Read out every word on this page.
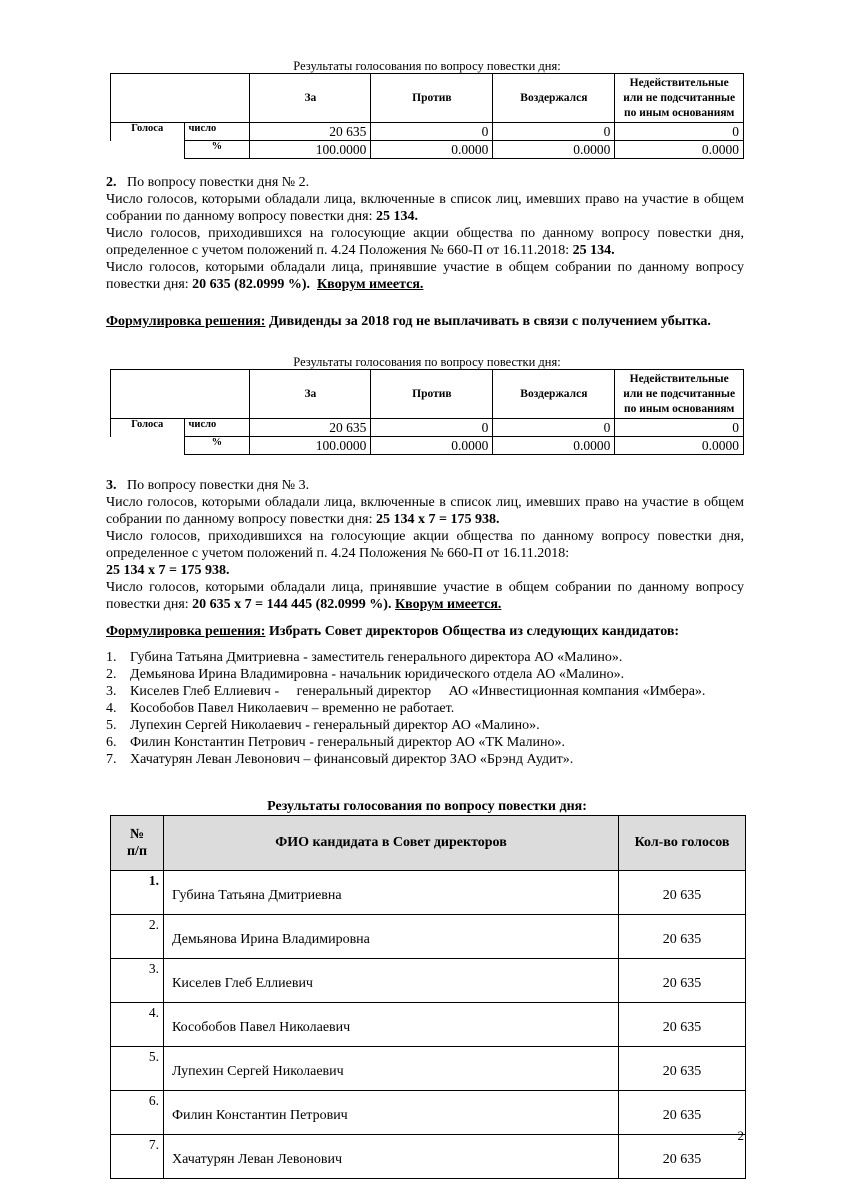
Результаты голосования по вопросу повестки дня:
		За	Против	Воздержался	Недействительные
или не подсчитанные
по иным основаниям

Голоса	число	20 635	0	0	0
	%	100.0000	0.0000	0.0000	0.0000
2. По вопросу повестки дня № 2.
Число голосов, которыми обладали лица, включенные в список лиц, имевших право на участие в общем собрании по данному вопросу повестки дня: 25 134.
Число голосов, приходившихся на голосующие акции общества по данному вопросу повестки дня, определенное с учетом положений п. 4.24 Положения № 660-П от 16.11.2018: 25 134.
Число голосов, которыми обладали лица, принявшие участие в общем собрании по данному вопросу повестки дня: 20 635 (82.0999 %). Кворум имеется.
Формулировка решения: Дивиденды за 2018 год не выплачивать в связи с получением убытка.
Результаты голосования по вопросу повестки дня:
		За	Против	Воздержался	Недействительные
или не подсчитанные
по иным основаниям

Голоса	число	20 635	0	0	0
	%	100.0000	0.0000	0.0000	0.0000
3. По вопросу повестки дня № 3.
Число голосов, которыми обладали лица, включенные в список лиц, имевших право на участие в общем собрании по данному вопросу повестки дня: 25 134 х 7 = 175 938.
Число голосов, приходившихся на голосующие акции общества по данному вопросу повестки дня, определенное с учетом положений п. 4.24 Положения № 660-П от 16.11.2018:
25 134 х 7 = 175 938.
Число голосов, которыми обладали лица, принявшие участие в общем собрании по данному вопросу повестки дня: 20 635 х 7 = 144 445 (82.0999 %). Кворум имеется.
Формулировка решения: Избрать Совет директоров Общества из следующих кандидатов:
1. Губина Татьяна Дмитриевна - заместитель генерального директора АО «Малино».
2. Демьянова Ирина Владимировна - начальник юридического отдела АО «Малино».
3. Киселев Глеб Еллиевич -     генеральный директор     АО «Инвестиционная компания «Имбера».
4. Кособобов Павел Николаевич – временно не работает.
5. Лупехин Сергей Николаевич - генеральный директор АО «Малино».
6. Филин Константин Петрович - генеральный директор АО «ТК Малино».
7. Хачатурян Леван Левонович – финансовый директор ЗАО «Брэнд Аудит».
Результаты голосования по вопросу повестки дня:
№
п/п	ФИО кандидата в Совет директоров	Кол-во голосов
1.	Губина Татьяна Дмитриевна	20 635
2.	Демьянова Ирина Владимировна	20 635
3.	Киселев Глеб Еллиевич	20 635
4.	Кособобов Павел Николаевич	20 635
5.	Лупехин Сергей Николаевич	20 635
6.	Филин Константин Петрович	20 635
7.	Хачатурян Леван Левонович	20 635
2
